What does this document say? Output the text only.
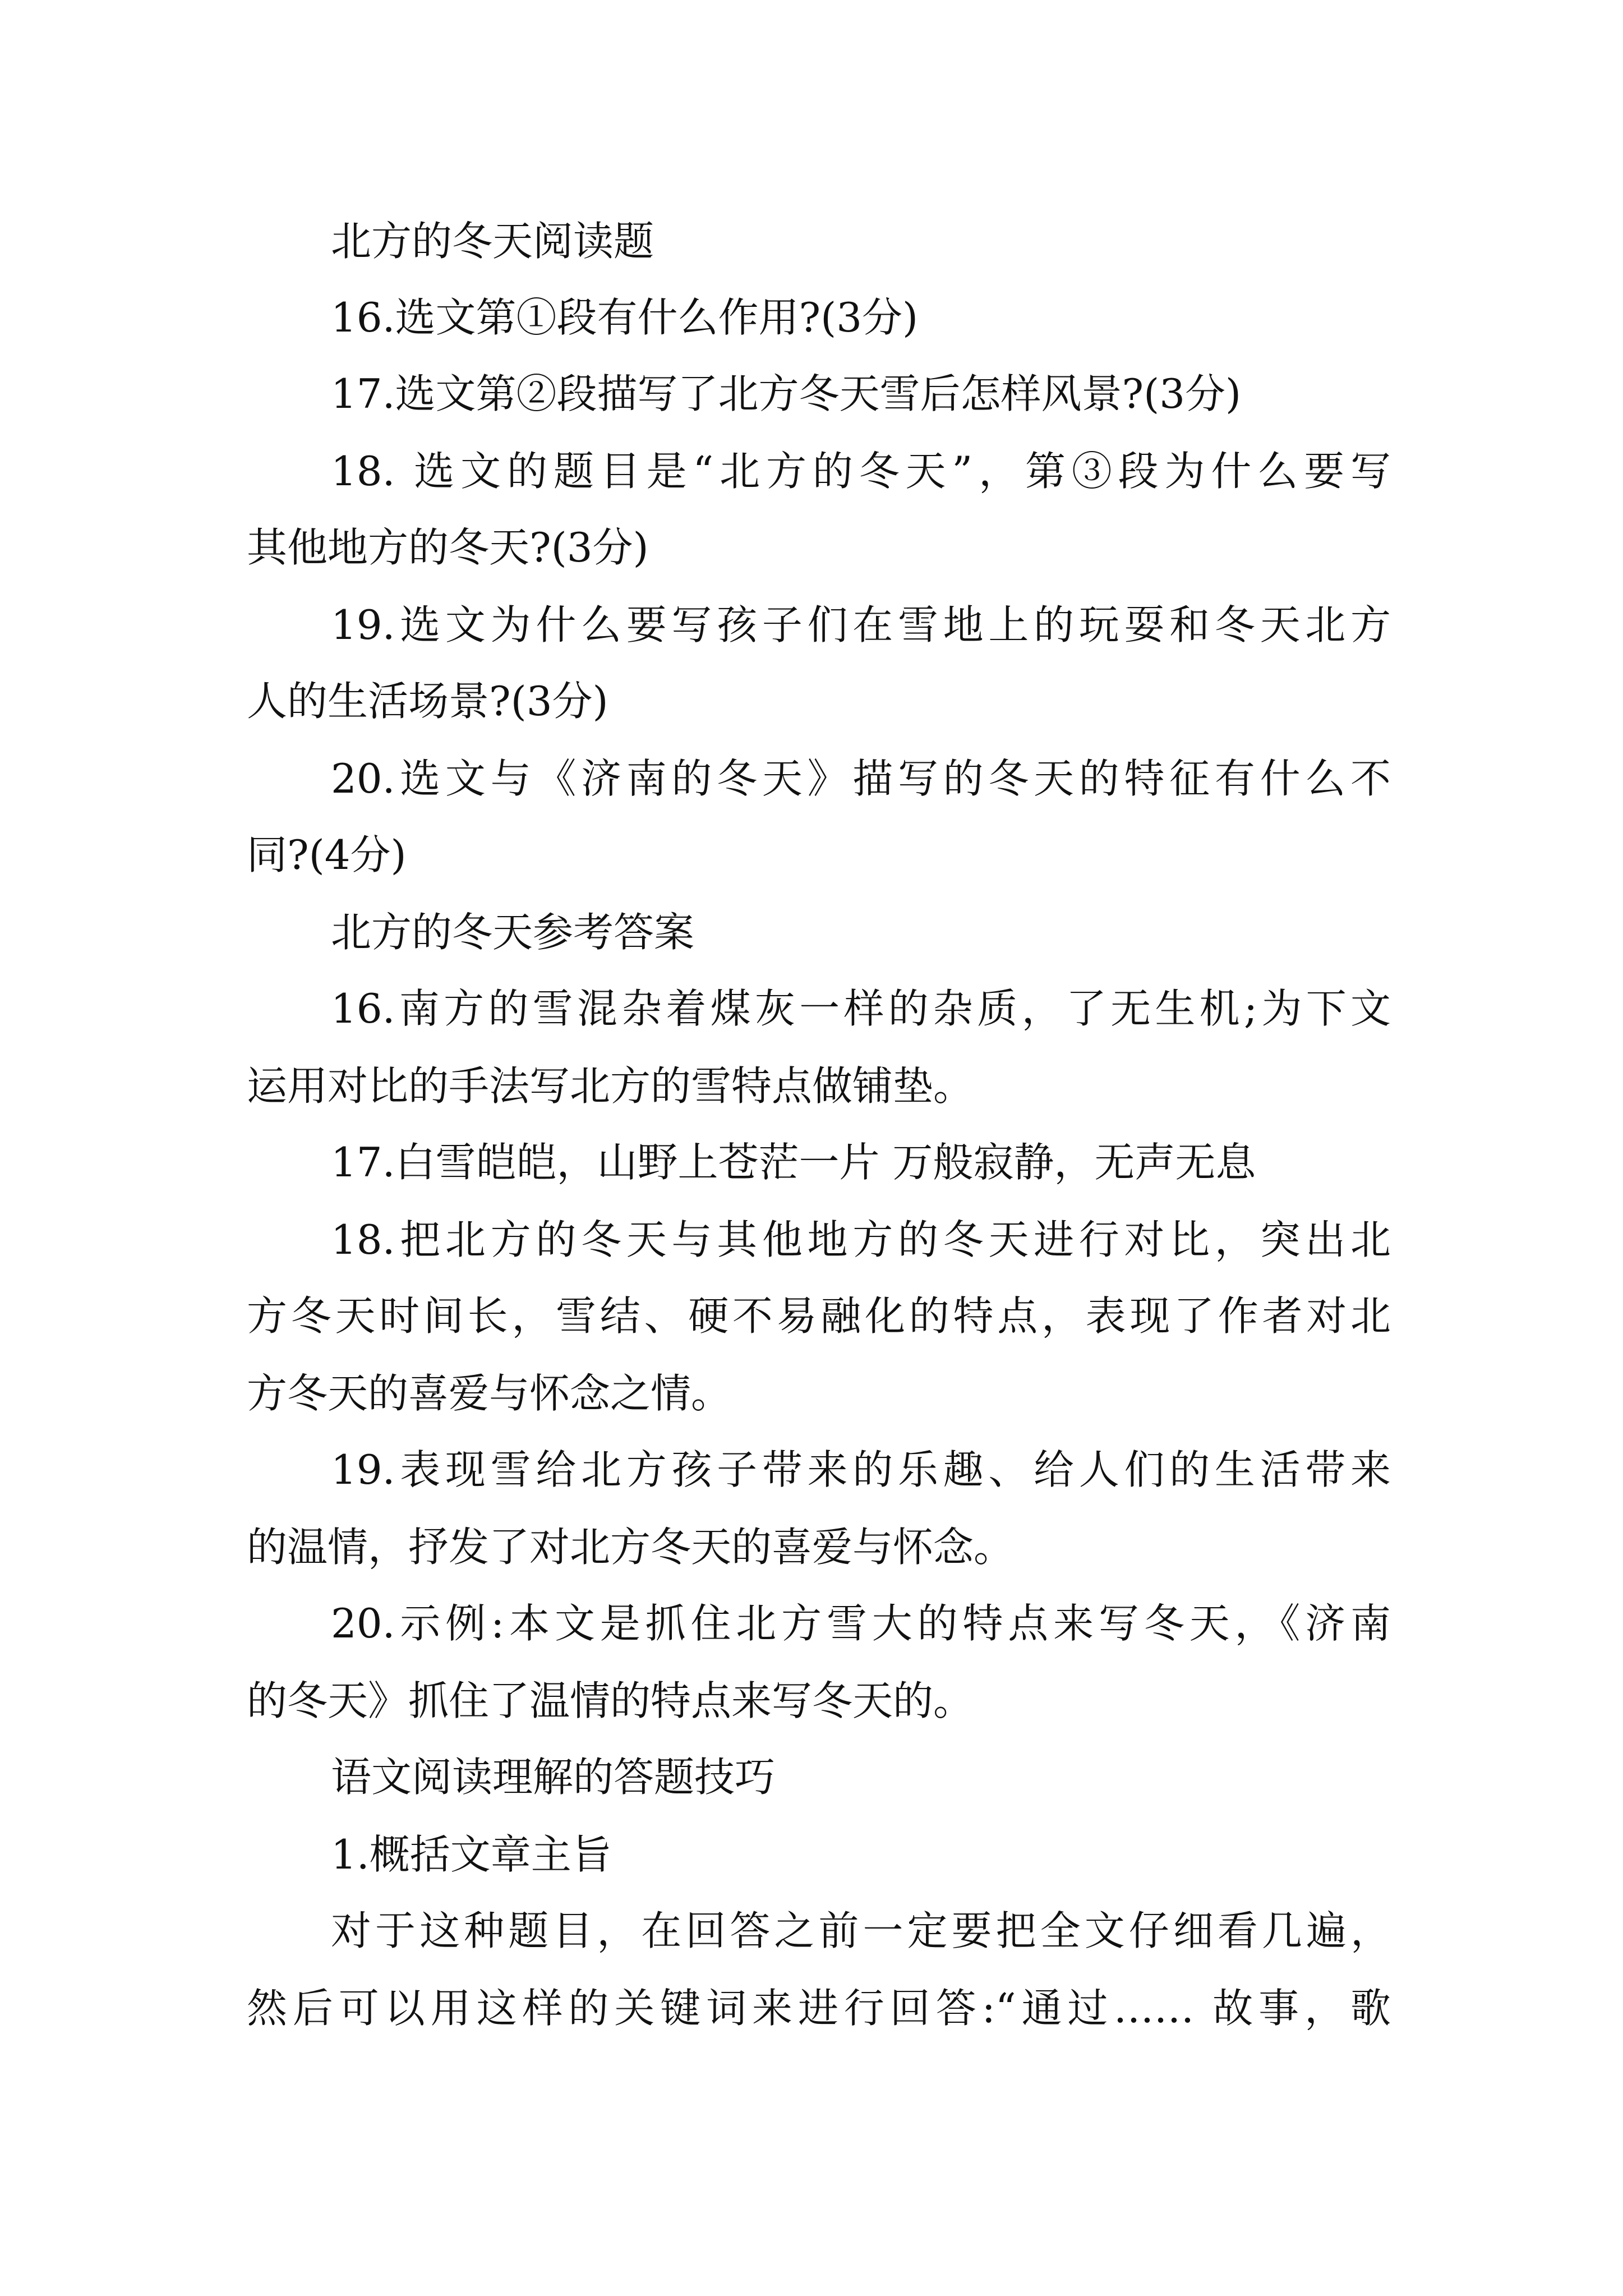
北方的冬天阅读题

16.选文第①段有什么作用?(3分)

17.选文第②段描写了北方冬天雪后怎样风景?(3分)

18. 选文的题目是“北方的冬天”，第③段为什么要写

其他地方的冬天?(3分)

19.选文为什么要写孩子们在雪地上的玩耍和冬天北方

人的生活场景?(3分)

20.选文与《济南的冬天》描写的冬天的特征有什么不

同?(4分)

北方的冬天参考答案

16.南方的雪混杂着煤灰一样的杂质，了无生机;为下文

运用对比的手法写北方的雪特点做铺垫。

17.白雪皑皑，山野上苍茫一片 万般寂静，无声无息

18.把北方的冬天与其他地方的冬天进行对比，突出北

方冬天时间长，雪结、硬不易融化的特点，表现了作者对北

方冬天的喜爱与怀念之情。

19.表现雪给北方孩子带来的乐趣、给人们的生活带来

的温情，抒发了对北方冬天的喜爱与怀念。

20.示例:本文是抓住北方雪大的特点来写冬天，《济南

的冬天》抓住了温情的特点来写冬天的。

语文阅读理解的答题技巧

1.概括文章主旨

对于这种题目，在回答之前一定要把全文仔细看几遍，

然后可以用这样的关键词来进行回答:“通过…… 故事，歌
